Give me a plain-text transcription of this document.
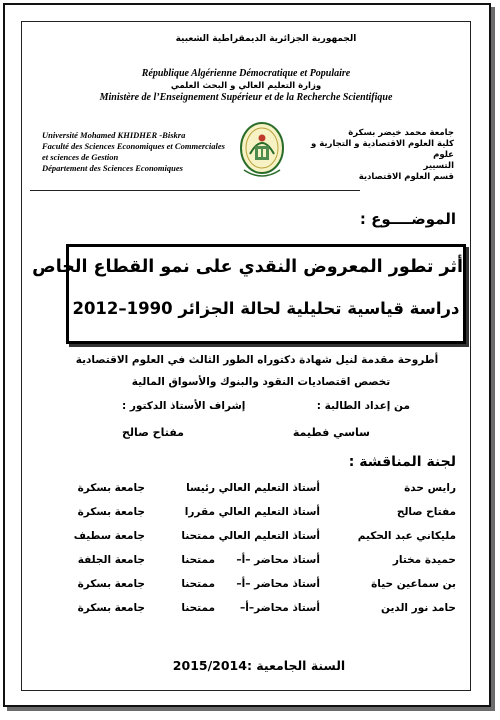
الجمهورية الجزائرية الديمقراطية الشعبية
République Algérienne Démocratique et Populaire
وزارة التعليم العالي و البحث العلمي
Ministère de l’Enseignement Supérieur et de la Recherche Scientifique
Université Mohamed KHIDHER -Biskra
Faculté des Sciences Economiques et Commerciales
et sciences de Gestion
Département des Sciences Economiques
جامعة محمد خيضر بسكرة
كلية العلوم الاقتصادية و التجارية و علوم
التسيير
قسم العلوم الاقتصادية
الموضــــوع :
أثر تطور المعروض النقدي على نمو القطاع الخاص
دراسة قياسية تحليلية لحالة الجزائر 1990–2012
أطروحة مقدمة لنيل شهادة دكتوراه الطور الثالث في العلوم الاقتصادية
تخصص اقتصاديات النقود والبنوك والأسواق المالية
من إعداد الطالبة :
إشراف الأستاذ الدكتور :
ساسي فطيمة
مفتاح صالح
لجنة المناقشة :
رايس حدة
أستاذ التعليم العالي
رئيسا
جامعة بسكرة
مفتاح صالح
أستاذ التعليم العالي
مقررا
جامعة بسكرة
مليكاني عبد الحكيم
أستاذ التعليم العالي
ممتحنا
جامعة سطيف
حميدة مختار
أستاذ محاضر –أ–
ممتحنا
جامعة الجلفة
بن سماعين حياة
أستاذ محاضر –أ–
ممتحنا
جامعة بسكرة
حامد نور الدين
أستاذ محاضر–أ–
ممتحنا
جامعة بسكرة
السنة الجامعية :2015/2014
